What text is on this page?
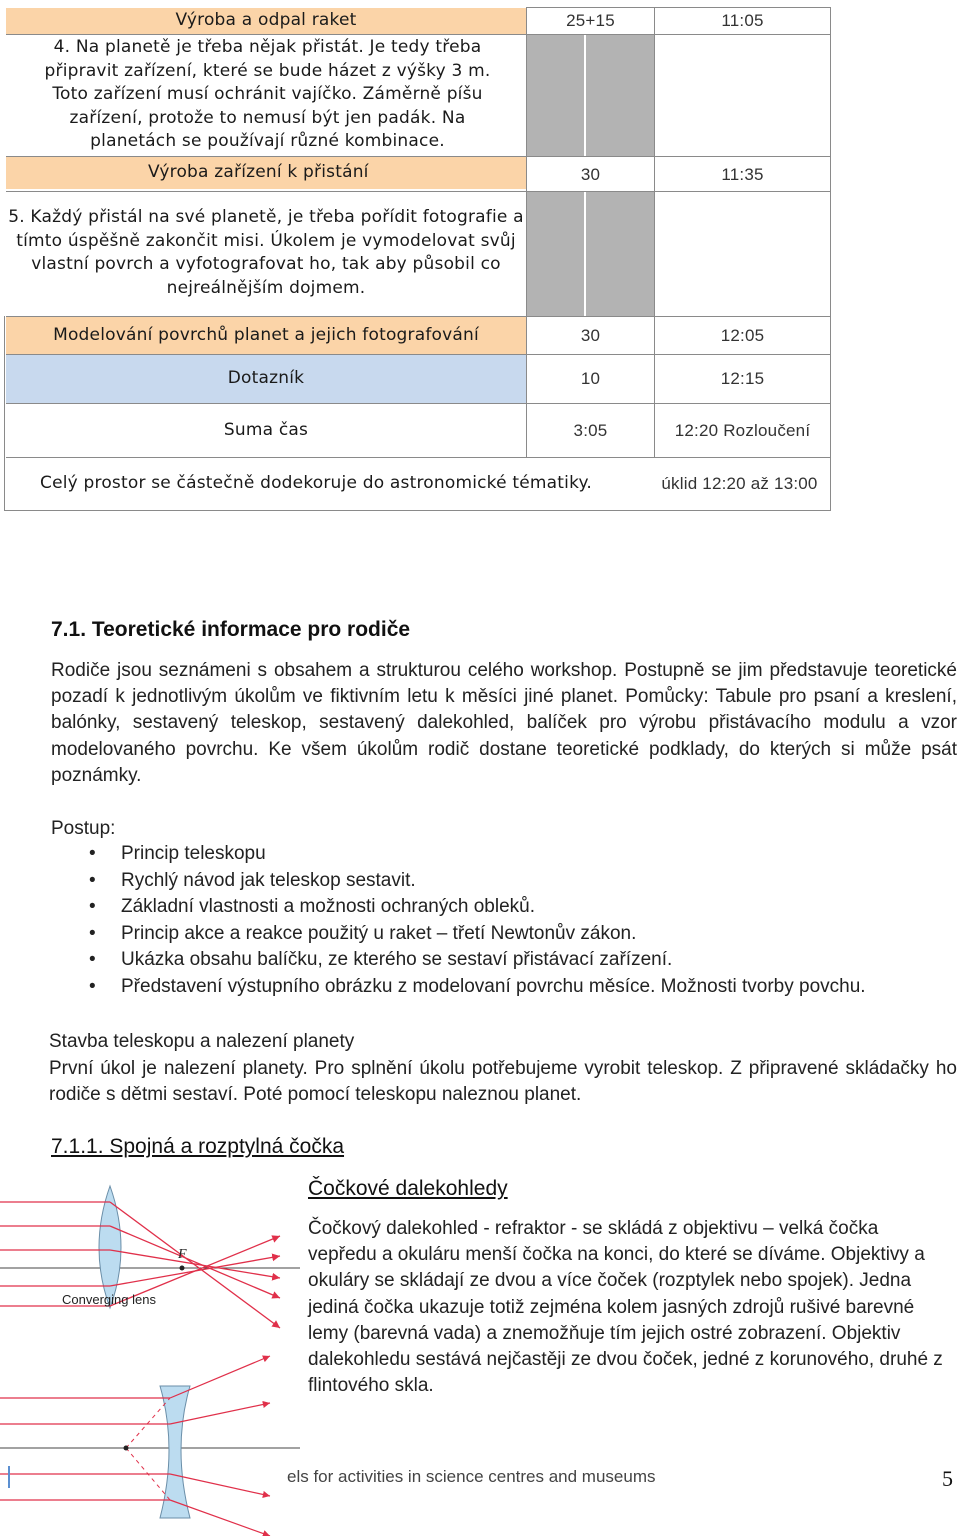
Výroba a odpal raket	25+15	11:05
4. Na planetě je třeba nějak přistát. Je tedy třeba připravit zařízení, které se bude házet z výšky 3 m. Toto zařízení musí ochránit vajíčko. Záměrně píšu zařízení, protože to nemusí být jen padák. Na planetách se používají různé kombinace.
Výroba zařízení k přistání	30	11:35
5. Každý přistál na své planetě, je třeba pořídit fotografie a tímto úspěšně zakončit misi. Úkolem je vymodelovat svůj vlastní povrch a vyfotografovat ho, tak aby působil co nejreálnějším dojmem.
Modelování povrchů planet a jejich fotografování	30	12:05
Dotazník	10	12:15
Suma čas	3:05	12:20 Rozloučení
Celý prostor se částečně dodekoruje do astronomické tématiky.	úklid 12:20 až 13:00
7.1. Teoretické informace pro rodiče
Rodiče jsou seznámeni s obsahem a strukturou celého workshop. Postupně se jim představuje teoretické pozadí k jednotlivým úkolům ve fiktivním letu k měsíci jiné planet. Pomůcky: Tabule pro psaní a kreslení, balónky, sestavený teleskop, sestavený dalekohled, balíček pro výrobu přistávacího modulu a vzor modelovaného povrchu. Ke všem úkolům rodič dostane teoretické podklady, do kterých si může psát poznámky.
Postup:
• Princip teleskopu
• Rychlý návod jak teleskop sestavit.
• Základní vlastnosti a možnosti ochraných obleků.
• Princip akce a reakce použitý u raket – třetí Newtonův zákon.
• Ukázka obsahu balíčku, ze kterého se sestaví přistávací zařízení.
• Představení výstupního obrázku z modelovaní povrchu měsíce. Možnosti tvorby povchu.
Stavba teleskopu a nalezení planety
První úkol je nalezení planety. Pro splnění úkolu potřebujeme vyrobit teleskop. Z připravené skládačky ho rodiče s dětmi sestaví. Poté pomocí teleskopu naleznou planet.
7.1.1. Spojná a rozptylná čočka
F
Converging lens
Čočkové dalekohledy
Čočkový dalekohled - refraktor - se skládá z objektivu – velká čočka vepředu a okuláru menší čočka na konci, do které se díváme. Objektivy a okuláry se skládají ze dvou a více čoček (rozptylek nebo spojek). Jedna jediná čočka ukazuje totiž zejména kolem jasných zdrojů rušivé barevné lemy (barevná vada) a znemožňuje tím jejich ostré zobrazení. Objektiv dalekohledu sestává nejčastěji ze dvou čoček, jedné z korunového, druhé z flintového skla.
els for activities in science centres and museums	5
